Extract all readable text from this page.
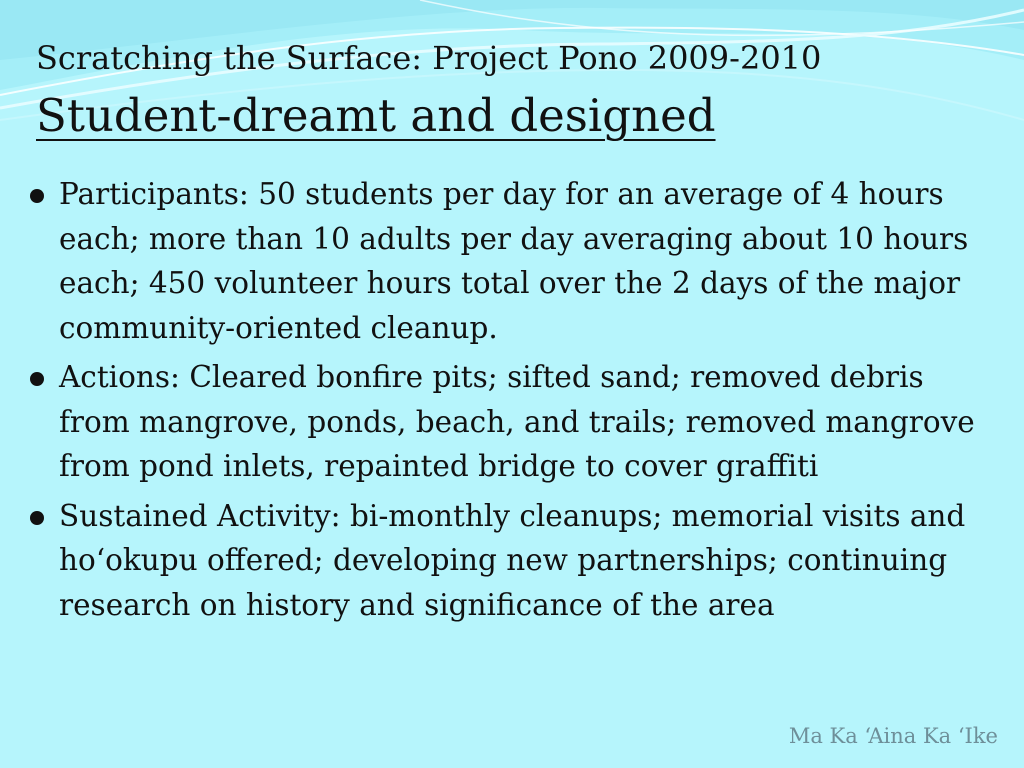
Scratching the Surface: Project Pono 2009-2010
Student-dreamt and designed
Participants: 50 students per day for an average of 4 hours each; more than 10 adults per day averaging about 10 hours each; 450 volunteer hours total over the 2 days of the major community-oriented cleanup.
Actions: Cleared bonfire pits; sifted sand; removed debris from mangrove, ponds, beach, and trails; removed mangrove from pond inlets, repainted bridge to cover graffiti
Sustained Activity: bi-monthly cleanups; memorial visits and ho‘okupu offered; developing new partnerships; continuing research on history and significance of the area
Ma Ka ‘Aina Ka ‘Ike
